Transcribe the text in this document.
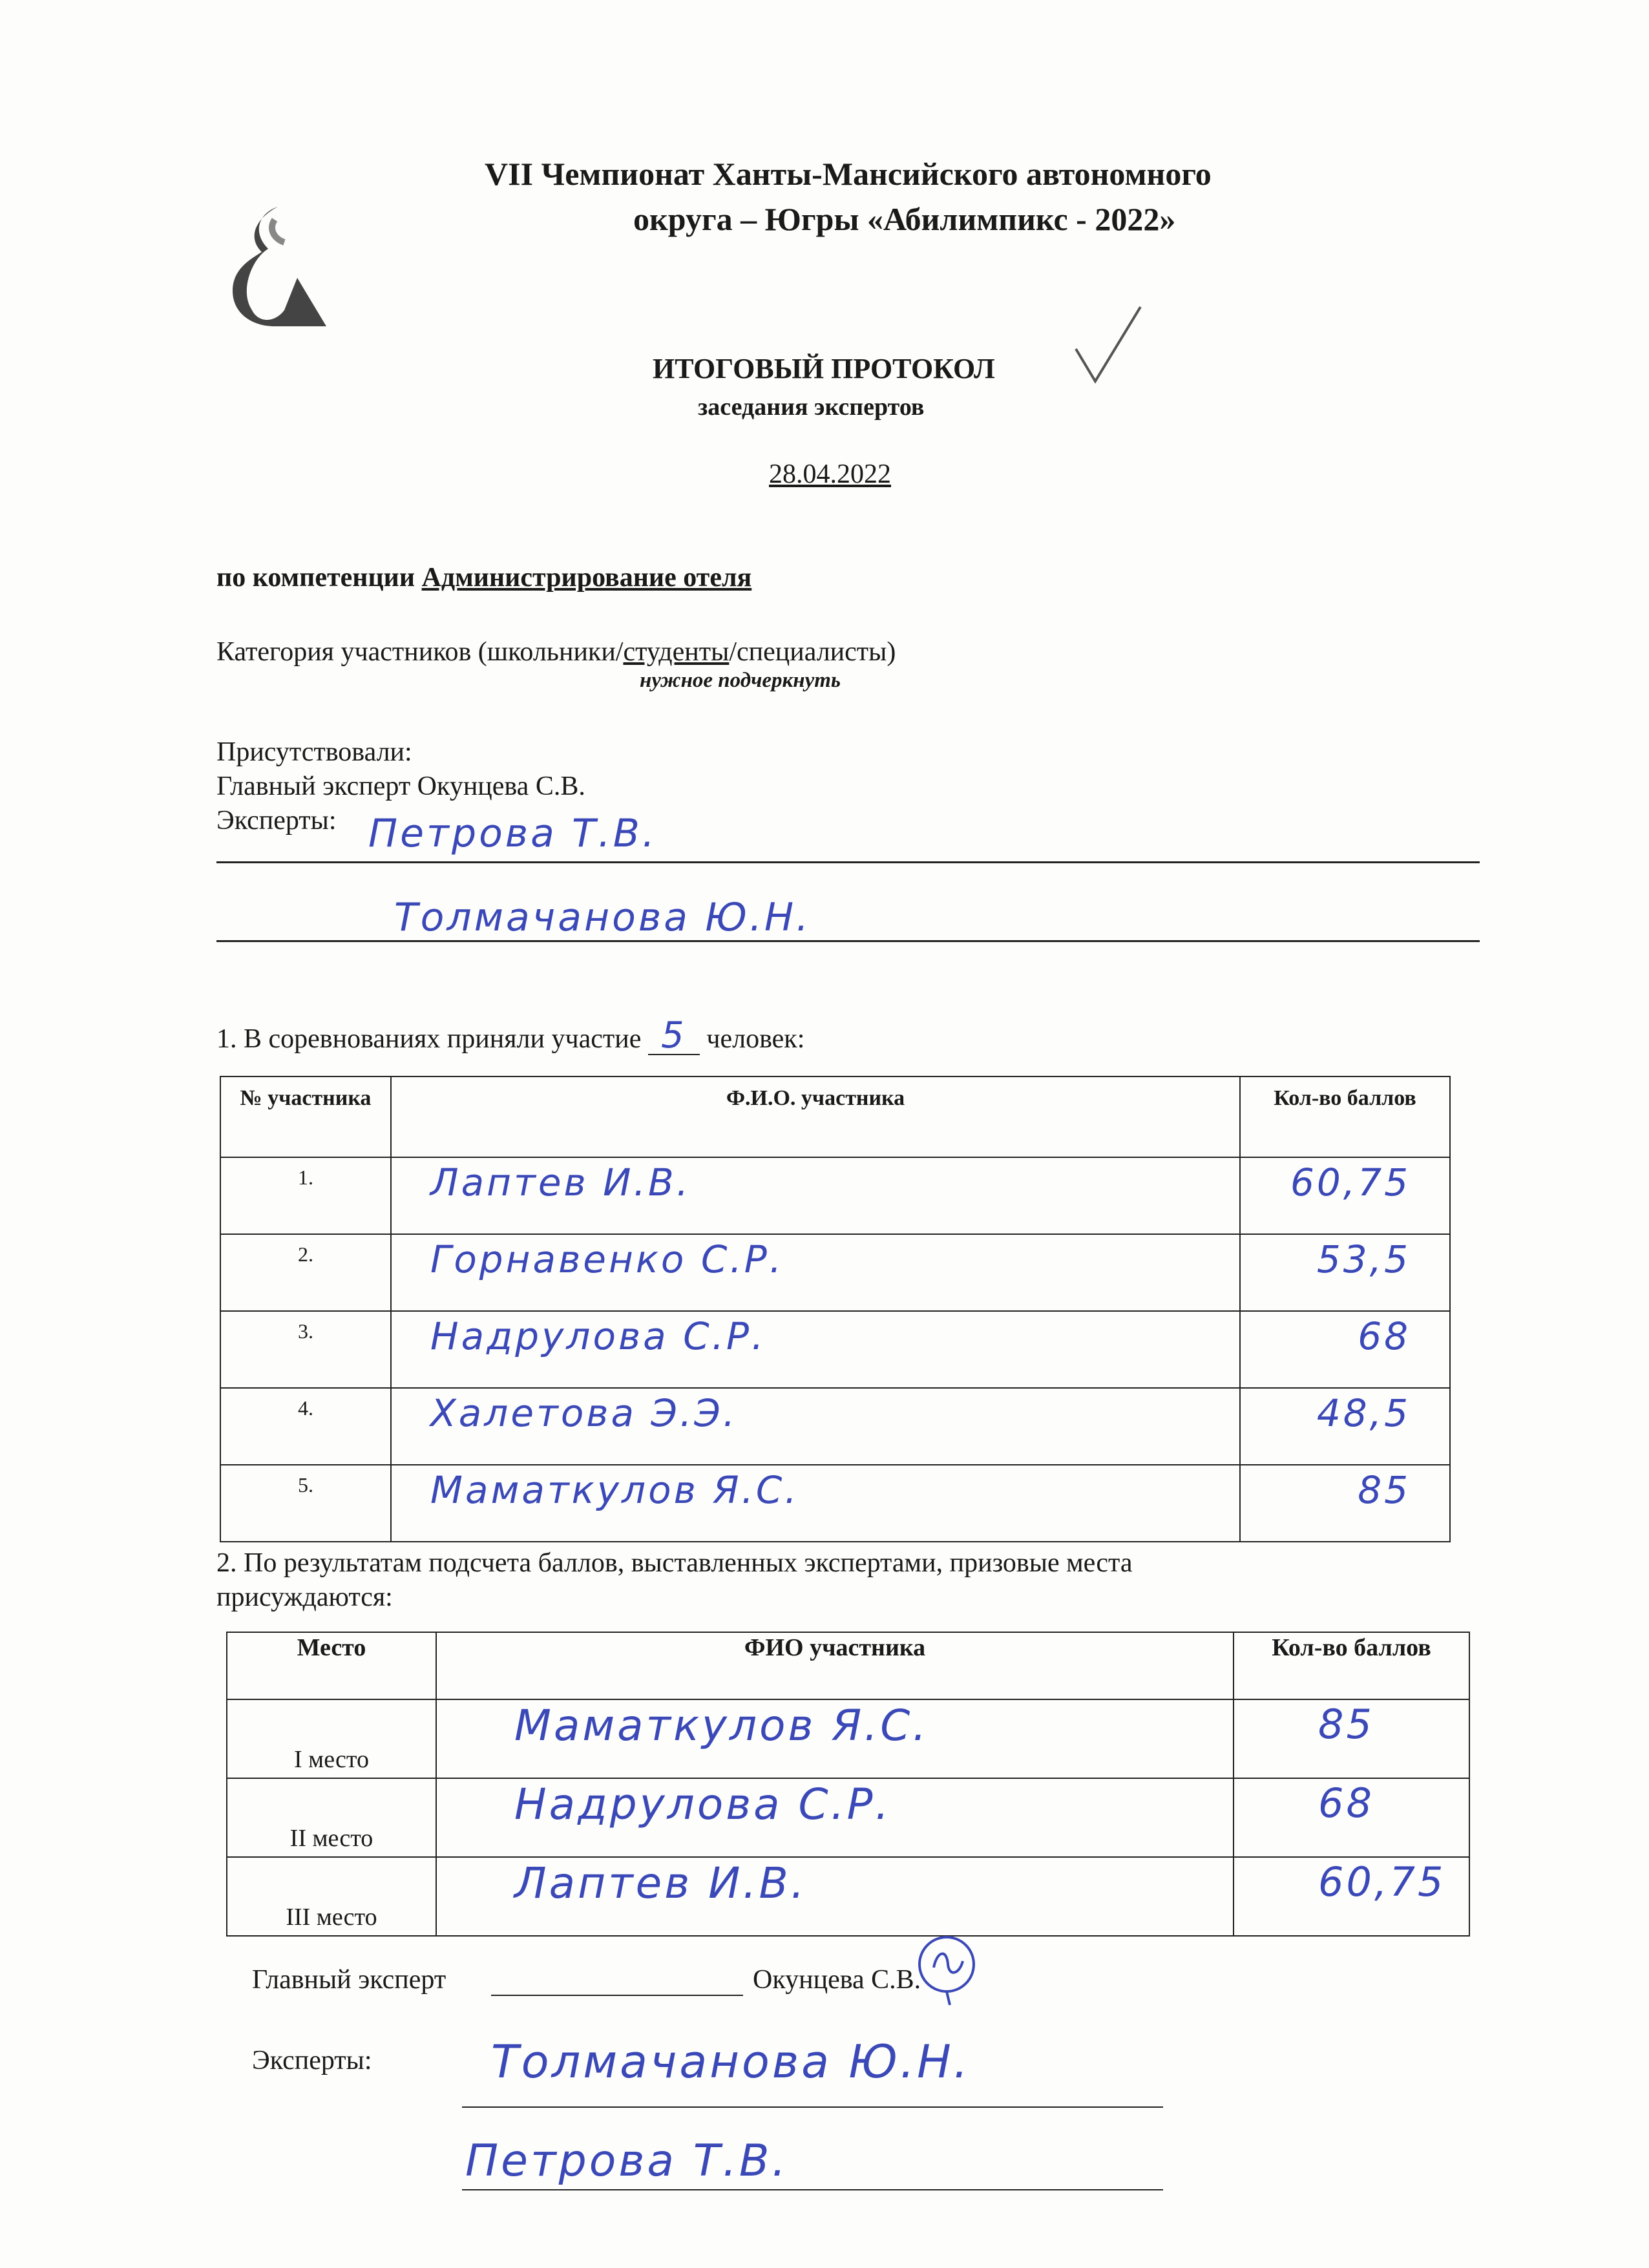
VII Чемпионат Ханты-Мансийского автономного
округа – Югры «Абилимпикс - 2022»
ИТОГОВЫЙ ПРОТОКОЛ
заседания экспертов
28.04.2022
по компетенции Администрирование отеля
Категория участников (школьники/студенты/специалисты)
нужное подчеркнуть
Присутствовали:
Главный эксперт Окунцева С.В.
Эксперты: Петрова Т.В.
Толмачанова Ю.Н.
1. В соревнованиях приняли участие 5 человек:
№ участника	Ф.И.О. участника	Кол-во баллов
1.	Лаптев И.В.	60,75
2.	Горнавенко С.Р.	53,5
3.	Надрулова С.Р.	68
4.	Халетова Э.Э.	48,5
5.	Маматкулов Я.С.	85
2. По результатам подсчета баллов, выставленных экспертами, призовые места
присуждаются:
Место	ФИО участника	Кол-во баллов
I место	Маматкулов Я.С.	85
II место	Надрулова С.Р.	68
III место	Лаптев И.В.	60,75
Главный эксперт	Окунцева С.В.
Эксперты:	Толмачанова Ю.Н.
Петрова Т.В.
